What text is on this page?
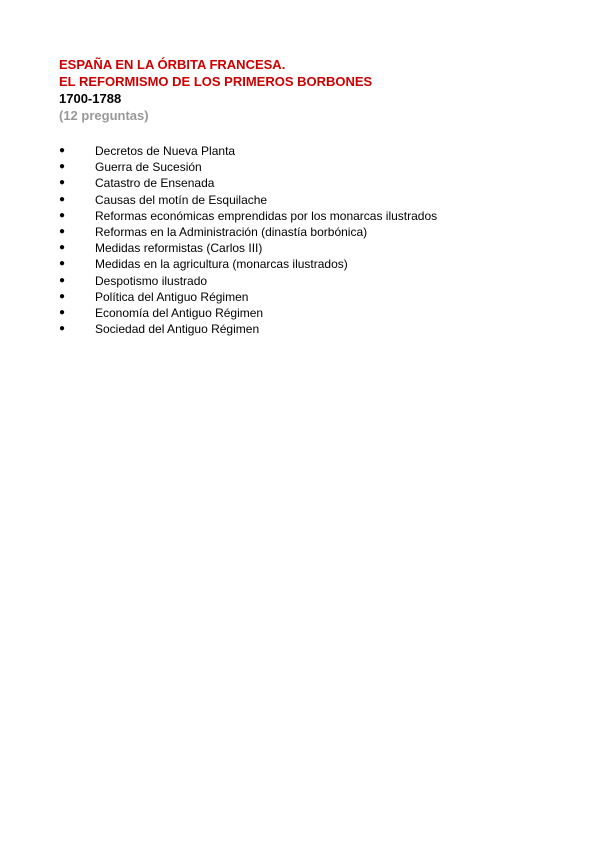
ESPAÑA EN LA ÓRBITA FRANCESA.
EL REFORMISMO DE LOS PRIMEROS BORBONES
1700-1788
(12 preguntas)
●	Decretos de Nueva Planta
●	Guerra de Sucesión
●	Catastro de Ensenada
●	Causas del motín de Esquilache
●	Reformas económicas emprendidas por los monarcas ilustrados
●	Reformas en la Administración (dinastía borbónica)
●	Medidas reformistas (Carlos III)
●	Medidas en la agricultura (monarcas ilustrados)
●	Despotismo ilustrado
●	Política del Antiguo Régimen
●	Economía del Antiguo Régimen
●	Sociedad del Antiguo Régimen
